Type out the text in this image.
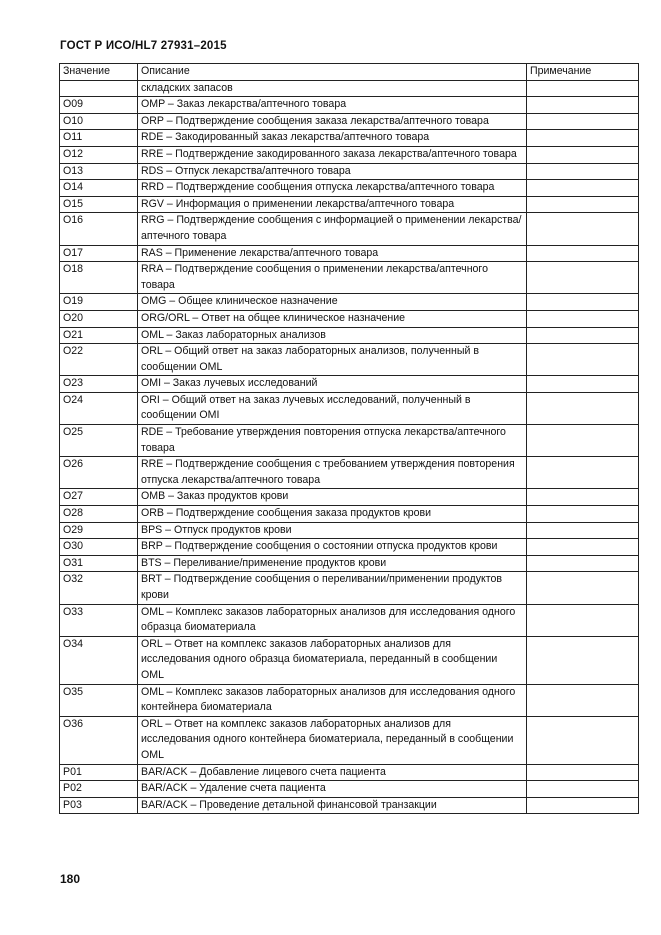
ГОСТ Р ИСО/HL7 27931–2015
Значение	Описание	Примечание
	складских запасов	
O09	OMP – Заказ лекарства/аптечного товара	
O10	ORP – Подтверждение сообщения заказа лекарства/аптечного товара	
O11	RDE – Закодированный заказ лекарства/аптечного товара	
O12	RRE – Подтверждение закодированного заказа лекарства/аптечного товара	
O13	RDS – Отпуск лекарства/аптечного товара	
O14	RRD – Подтверждение сообщения отпуска лекарства/аптечного товара	
O15	RGV – Информация о применении лекарства/аптечного товара	
O16	RRG – Подтверждение сообщения с информацией о применении лекарства/аптечного товара	
O17	RAS – Применение лекарства/аптечного товара	
O18	RRA – Подтверждение сообщения о применении лекарства/аптечного товара	
O19	OMG – Общее клиническое назначение	
O20	ORG/ORL – Ответ на общее клиническое назначение	
O21	OML – Заказ лабораторных анализов	
O22	ORL – Общий ответ на заказ лабораторных анализов, полученный в сообщении OML	
O23	OMI – Заказ лучевых исследований	
O24	ORI – Общий ответ на заказ лучевых исследований, полученный в сообщении OMI	
O25	RDE – Требование утверждения повторения отпуска лекарства/аптечного товара	
O26	RRE – Подтверждение сообщения с требованием утверждения повторения отпуска лекарства/аптечного товара	
O27	OMB – Заказ продуктов крови	
O28	ORB – Подтверждение сообщения заказа продуктов крови	
O29	BPS – Отпуск продуктов крови	
O30	BRP – Подтверждение сообщения о состоянии отпуска продуктов крови	
O31	BTS – Переливание/применение продуктов крови	
O32	BRT – Подтверждение сообщения о переливании/применении продуктов крови	
O33	OML – Комплекс заказов лабораторных анализов для исследования одного образца биоматериала	
O34	ORL – Ответ на комплекс заказов лабораторных анализов для исследования одного образца биоматериала, переданный в сообщении OML	
O35	OML – Комплекс заказов лабораторных анализов для исследования одного контейнера биоматериала	
O36	ORL – Ответ на комплекс заказов лабораторных анализов для исследования одного контейнера биоматериала, переданный в сообщении OML	
P01	BAR/ACK – Добавление лицевого счета пациента	
P02	BAR/ACK – Удаление счета пациента	
P03	BAR/ACK – Проведение детальной финансовой транзакции	
180
